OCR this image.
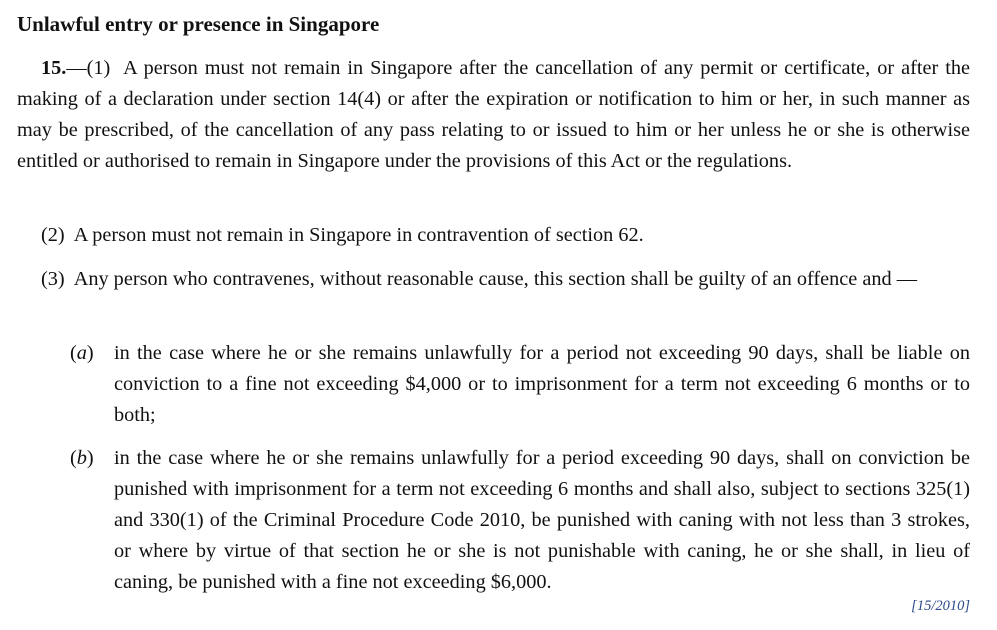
Unlawful entry or presence in Singapore
15.—(1) A person must not remain in Singapore after the cancellation of any permit or certificate, or after the making of a declaration under section 14(4) or after the expiration or notification to him or her, in such manner as may be prescribed, of the cancellation of any pass relating to or issued to him or her unless he or she is otherwise entitled or authorised to remain in Singapore under the provisions of this Act or the regulations.
(2) A person must not remain in Singapore in contravention of section 62.
(3) Any person who contravenes, without reasonable cause, this section shall be guilty of an offence and —
(a)	in the case where he or she remains unlawfully for a period not exceeding 90 days, shall be liable on conviction to a fine not exceeding $4,000 or to imprisonment for a term not exceeding 6 months or to both;
(b)	in the case where he or she remains unlawfully for a period exceeding 90 days, shall on conviction be punished with imprisonment for a term not exceeding 6 months and shall also, subject to sections 325(1) and 330(1) of the Criminal Procedure Code 2010, be punished with caning with not less than 3 strokes, or where by virtue of that section he or she is not punishable with caning, he or she shall, in lieu of caning, be punished with a fine not exceeding $6,000.
[15/2010]
